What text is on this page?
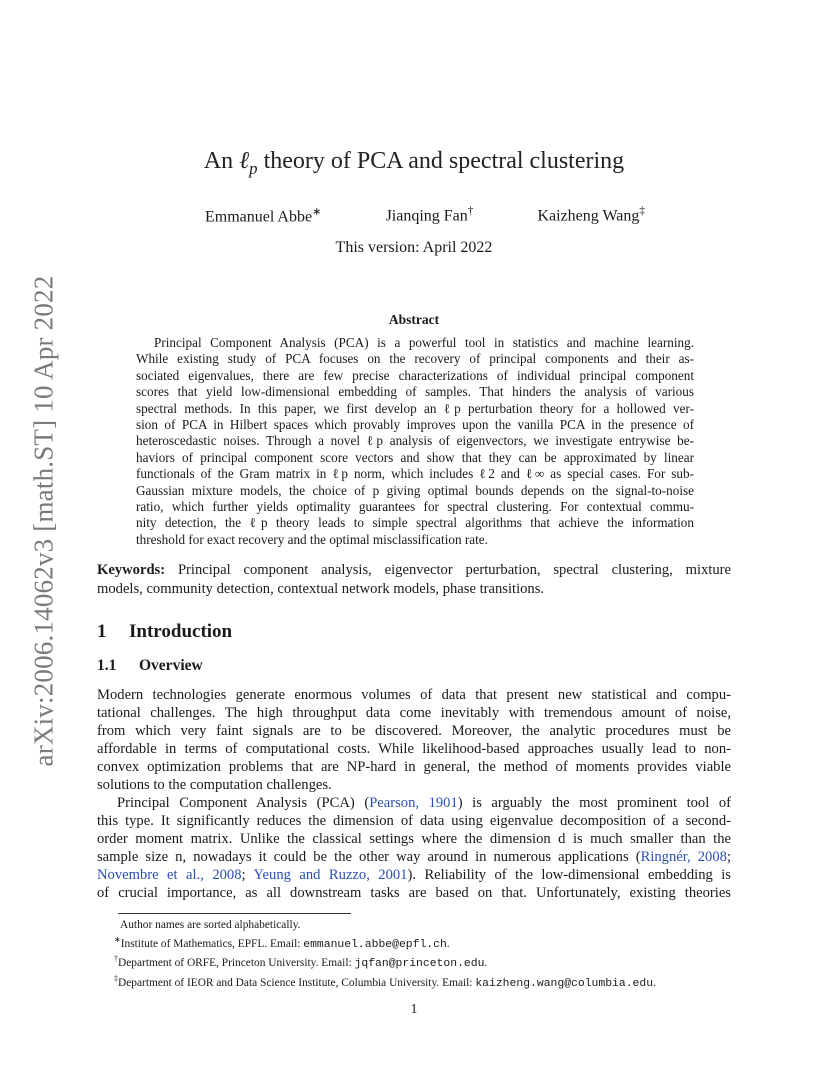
arXiv:2006.14062v3 [math.ST] 10 Apr 2022
An ℓ$_p$ theory of PCA and spectral clustering
Emmanuel Abbe∗	Jianqing Fan†	Kaizheng Wang‡
This version: April 2022
Abstract
Principal Component Analysis (PCA) is a powerful tool in statistics and machine learning.
While existing study of PCA focuses on the recovery of principal components and their as-
sociated eigenvalues, there are few precise characterizations of individual principal component
scores that yield low-dimensional embedding of samples. That hinders the analysis of various
spectral methods. In this paper, we first develop an ℓp perturbation theory for a hollowed ver-
sion of PCA in Hilbert spaces which provably improves upon the vanilla PCA in the presence of
heteroscedastic noises. Through a novel ℓp analysis of eigenvectors, we investigate entrywise be-
haviors of principal component score vectors and show that they can be approximated by linear
functionals of the Gram matrix in ℓp norm, which includes ℓ2 and ℓ∞ as special cases. For sub-
Gaussian mixture models, the choice of p giving optimal bounds depends on the signal-to-noise
ratio, which further yields optimality guarantees for spectral clustering. For contextual commu-
nity detection, the ℓp theory leads to simple spectral algorithms that achieve the information
threshold for exact recovery and the optimal misclassification rate.
Keywords: Principal component analysis, eigenvector perturbation, spectral clustering, mixture
models, community detection, contextual network models, phase transitions.
1 Introduction
1.1 Overview
Modern technologies generate enormous volumes of data that present new statistical and compu-
tational challenges. The high throughput data come inevitably with tremendous amount of noise,
from which very faint signals are to be discovered. Moreover, the analytic procedures must be
affordable in terms of computational costs. While likelihood-based approaches usually lead to non-
convex optimization problems that are NP-hard in general, the method of moments provides viable
solutions to the computation challenges.
Principal Component Analysis (PCA) (Pearson, 1901) is arguably the most prominent tool of
this type. It significantly reduces the dimension of data using eigenvalue decomposition of a second-
order moment matrix. Unlike the classical settings where the dimension d is much smaller than the
sample size n, nowadays it could be the other way around in numerous applications (Ringnér, 2008;
Novembre et al., 2008; Yeung and Ruzzo, 2001). Reliability of the low-dimensional embedding is
of crucial importance, as all downstream tasks are based on that. Unfortunately, existing theories
Author names are sorted alphabetically.
∗Institute of Mathematics, EPFL. Email: emmanuel.abbe@epfl.ch.
†Department of ORFE, Princeton University. Email: jqfan@princeton.edu.
‡Department of IEOR and Data Science Institute, Columbia University. Email: kaizheng.wang@columbia.edu.
1
